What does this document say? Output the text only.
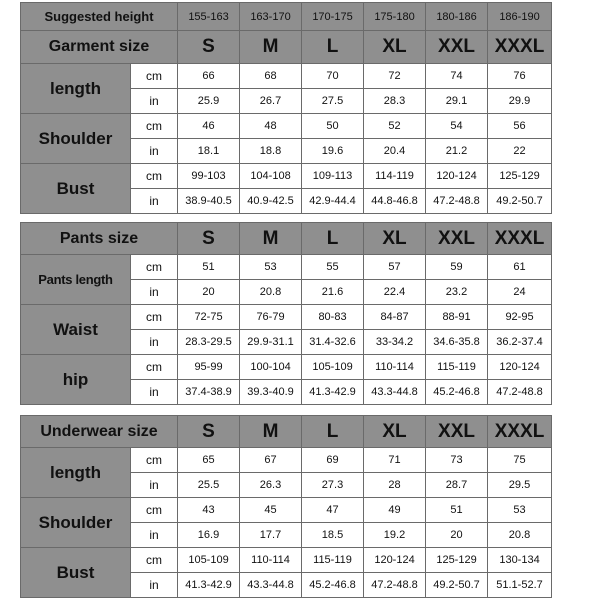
Suggested height		155-163	163-170	170-175	175-180	180-186	186-190
Garment size		S	M	L	XL	XXL	XXXL
length	cm	66	68	70	72	74	76
	in	25.9	26.7	27.5	28.3	29.1	29.9
Shoulder	cm	46	48	50	52	54	56
	in	18.1	18.8	19.6	20.4	21.2	22
Bust	cm	99-103	104-108	109-113	114-119	120-124	125-129
	in	38.9-40.5	40.9-42.5	42.9-44.4	44.8-46.8	47.2-48.8	49.2-50.7
Pants size		S	M	L	XL	XXL	XXXL
Pants length	cm	51	53	55	57	59	61
	in	20	20.8	21.6	22.4	23.2	24
Waist	cm	72-75	76-79	80-83	84-87	88-91	92-95
	in	28.3-29.5	29.9-31.1	31.4-32.6	33-34.2	34.6-35.8	36.2-37.4
hip	cm	95-99	100-104	105-109	110-114	115-119	120-124
	in	37.4-38.9	39.3-40.9	41.3-42.9	43.3-44.8	45.2-46.8	47.2-48.8
Underwear size		S	M	L	XL	XXL	XXXL
length	cm	65	67	69	71	73	75
	in	25.5	26.3	27.3	28	28.7	29.5
Shoulder	cm	43	45	47	49	51	53
	in	16.9	17.7	18.5	19.2	20	20.8
Bust	cm	105-109	110-114	115-119	120-124	125-129	130-134
	in	41.3-42.9	43.3-44.8	45.2-46.8	47.2-48.8	49.2-50.7	51.1-52.7
